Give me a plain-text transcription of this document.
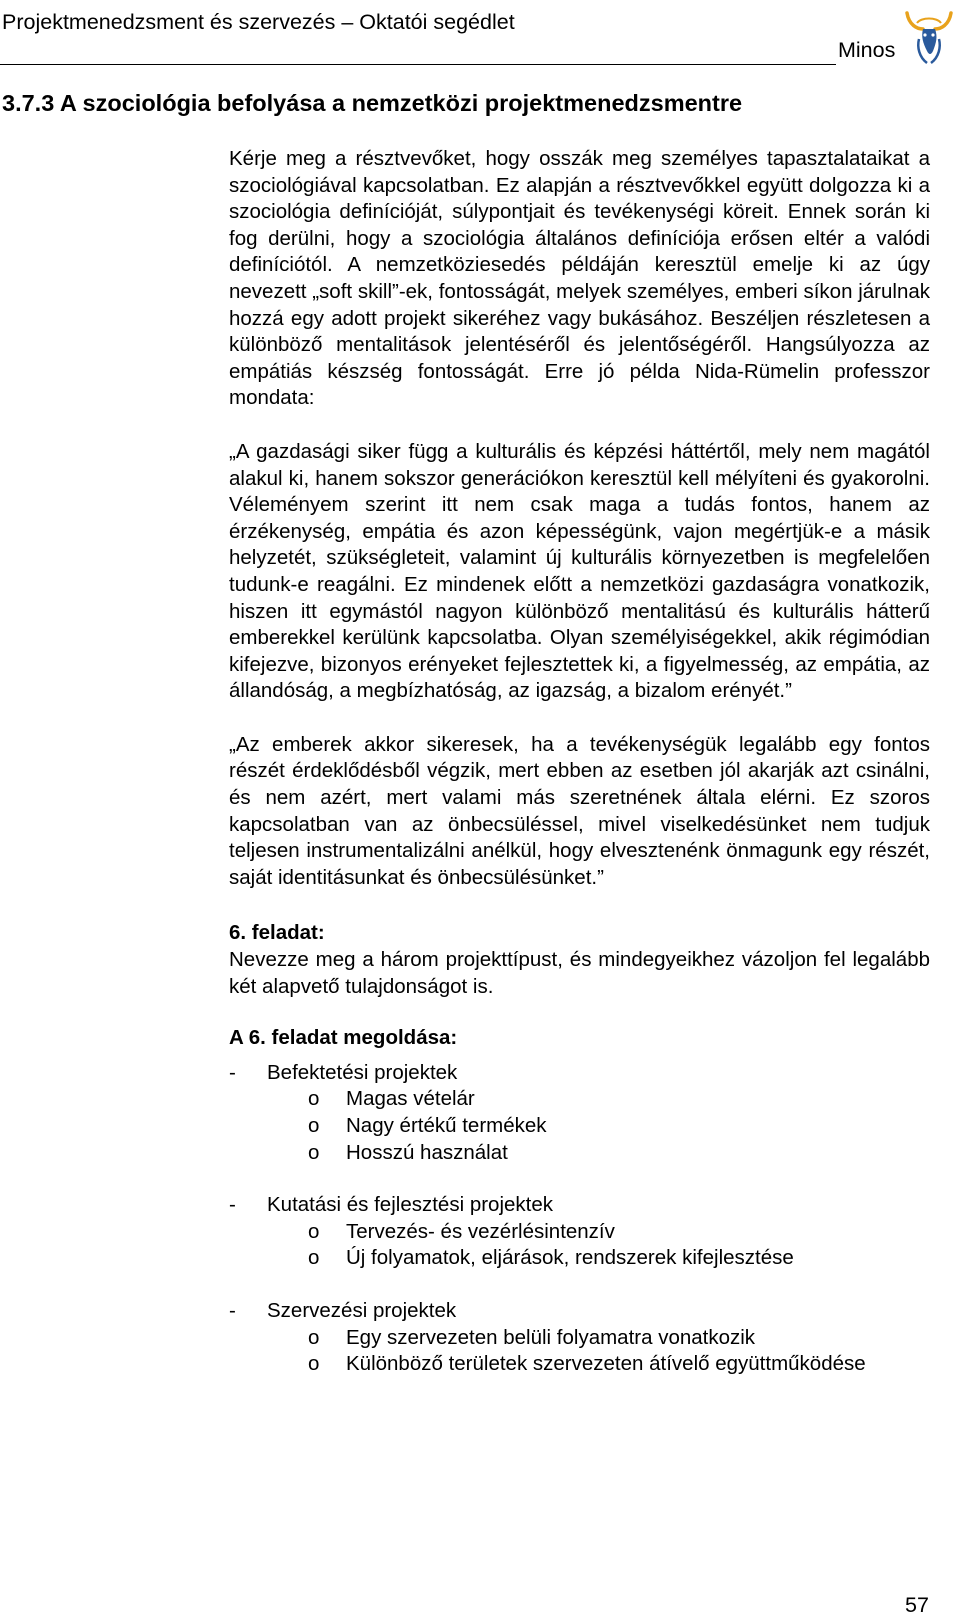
Projektmenedzsment és szervezés – Oktatói segédlet
Minos
3.7.3 A szociológia befolyása a nemzetközi projektmenedzsmentre

Kérje meg a résztvevőket, hogy osszák meg személyes tapasztalataikat a szociológiával kapcsolatban. Ez alapján a résztvevőkkel együtt dolgozza ki a szociológia definícióját, súlypontjait és tevékenységi köreit. Ennek során ki fog derülni, hogy a szociológia általános definíciója erősen eltér a valódi definíciótól. A nemzetköziesedés példáján keresztül emelje ki az úgy nevezett „soft skill”-ek, fontosságát, melyek személyes, emberi síkon járulnak hozzá egy adott projekt sikeréhez vagy bukásához. Beszéljen részletesen a különböző mentalitások jelentéséről és jelentőségéről. Hangsúlyozza az empátiás készség fontosságát. Erre jó példa Nida-Rümelin professzor mondata:

„A gazdasági siker függ a kulturális és képzési háttértől, mely nem magától alakul ki, hanem sokszor generációkon keresztül kell mélyíteni és gyakorolni. Véleményem szerint itt nem csak maga a tudás fontos, hanem az érzékenység, empátia és azon képességünk, vajon megértjük-e a másik helyzetét, szükségleteit, valamint új kulturális környezetben is megfelelően tudunk-e reagálni. Ez mindenek előtt a nemzetközi gazdaságra vonatkozik, hiszen itt egymástól nagyon különböző mentalitású és kulturális hátterű emberekkel kerülünk kapcsolatba. Olyan személyiségekkel, akik régimódian kifejezve, bizonyos erényeket fejlesztettek ki, a figyelmesség, az empátia, az állandóság, a megbízhatóság, az igazság, a bizalom erényét.”

„Az emberek akkor sikeresek, ha a tevékenységük legalább egy fontos részét érdeklődésből végzik, mert ebben az esetben jól akarják azt csinálni, és nem azért, mert valami más szeretnének általa elérni. Ez szoros kapcsolatban van az önbecsüléssel, mivel viselkedésünket nem tudjuk teljesen instrumentalizálni anélkül, hogy elvesztenénk önmagunk egy részét, saját identitásunkat és önbecsülésünket.”

6. feladat:

Nevezze meg a három projekttípust, és mindegyeikhez vázoljon fel legalább két alapvető tulajdonságot is.

A 6. feladat megoldása:
-	Befektetési projektek
o	Magas vételár
o	Nagy értékű termékek
o	Hosszú használat
-	Kutatási és fejlesztési projektek
o	Tervezés- és vezérlésintenzív
o	Új folyamatok, eljárások, rendszerek kifejlesztése
-	Szervezési projektek
o	Egy szervezeten belüli folyamatra vonatkozik
o	Különböző területek szervezeten átívelő együttműködése
57
